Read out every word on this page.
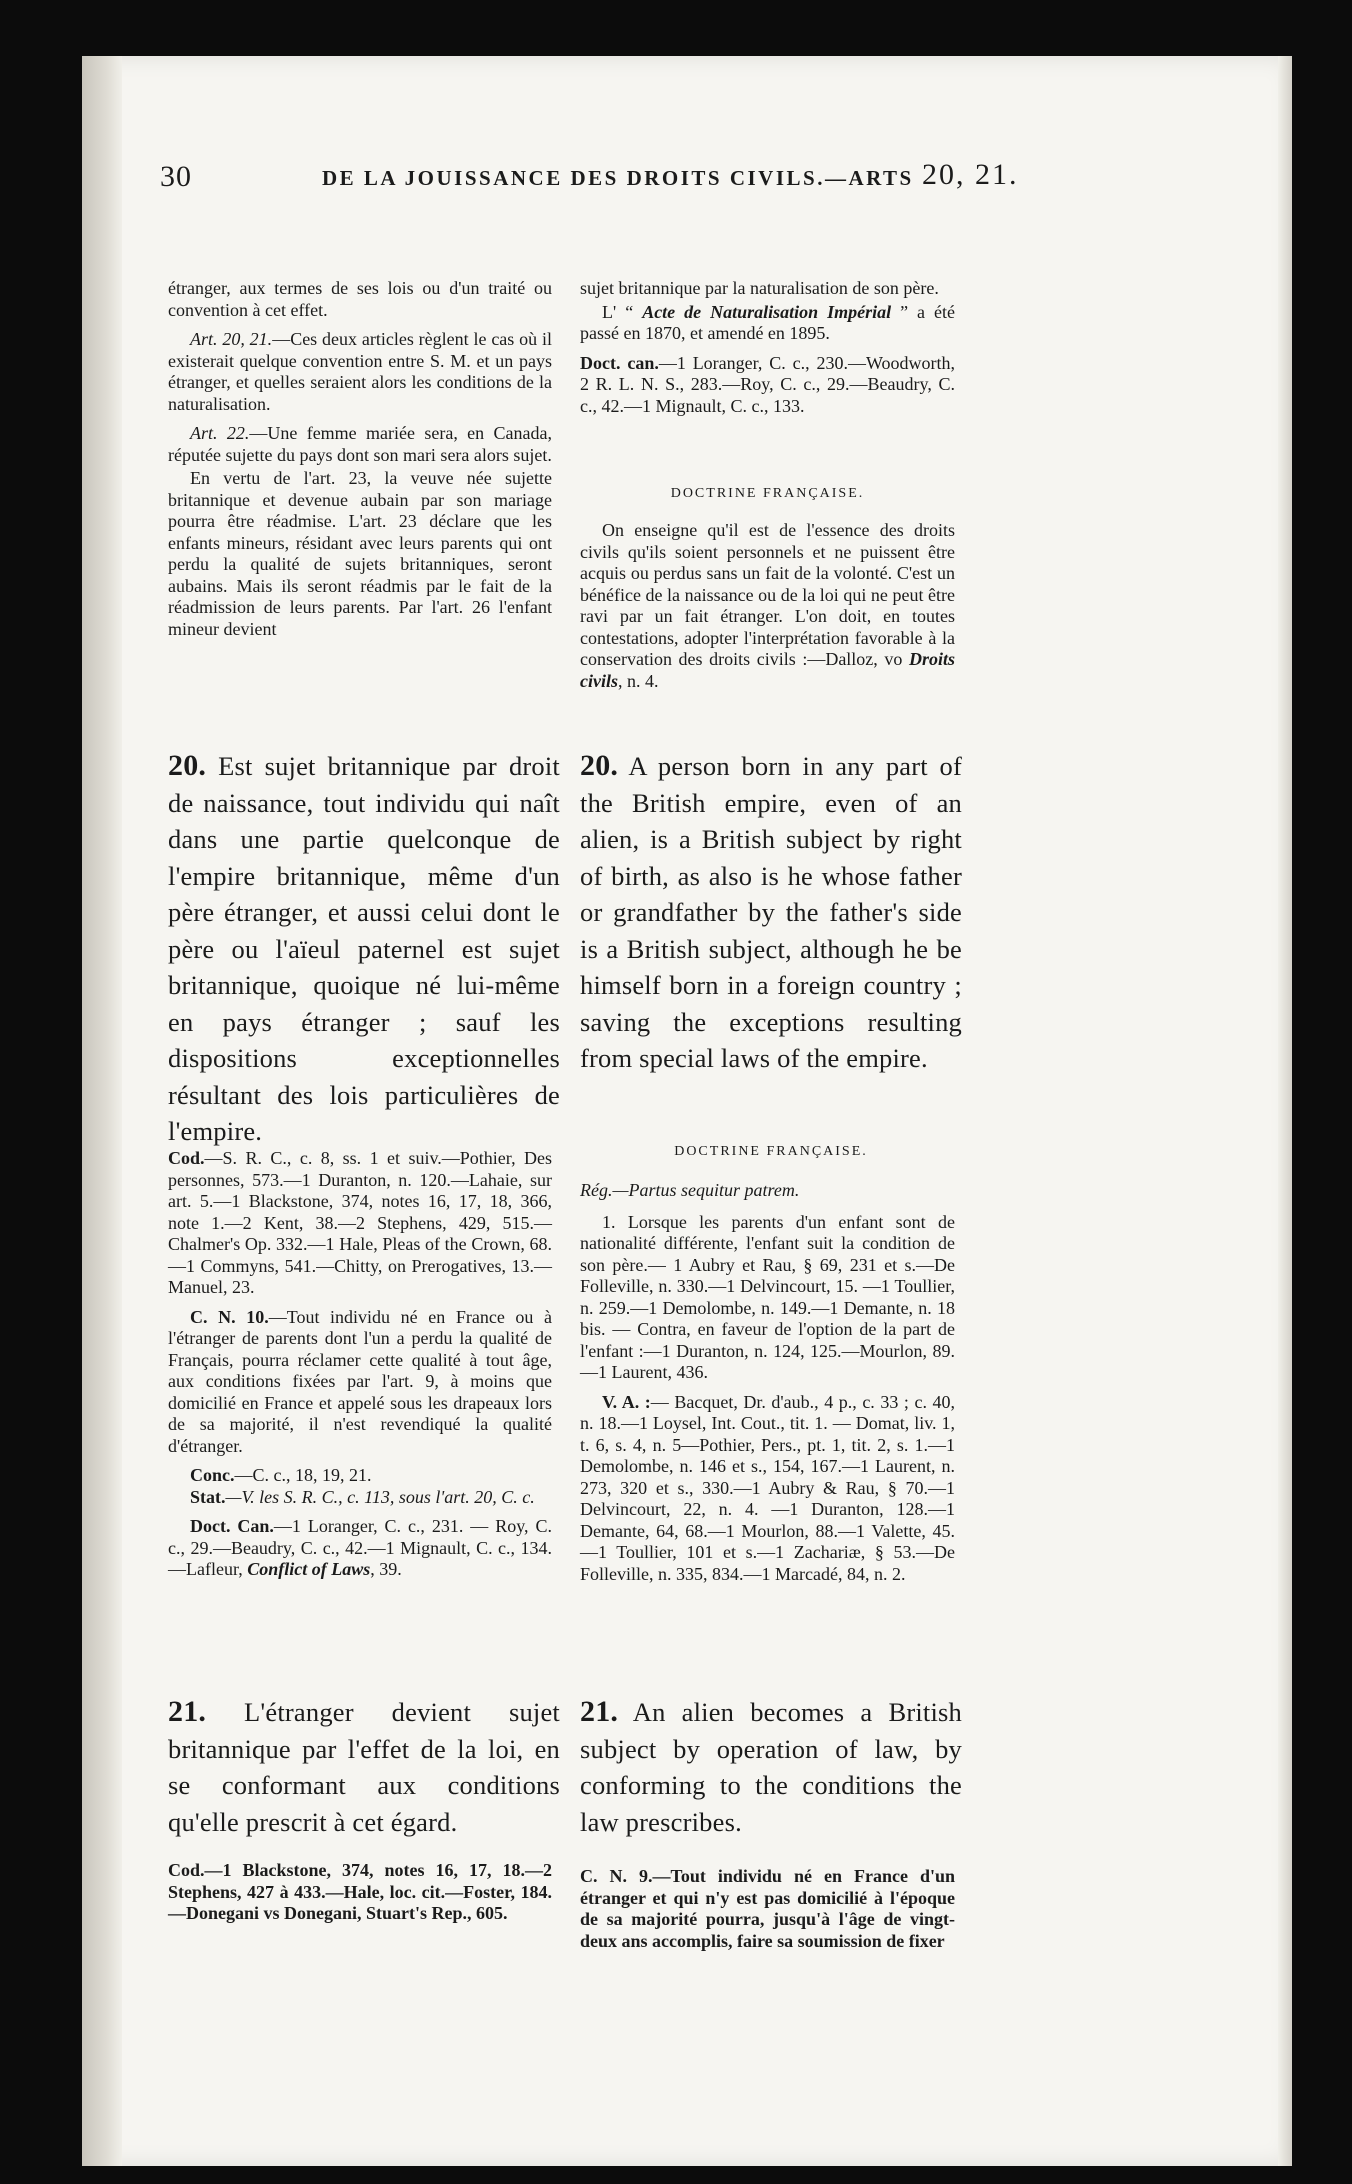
30	DE LA JOUISSANCE DES DROITS CIVILS.—ARTS 20, 21.

étranger, aux termes de ses lois ou d'un traité ou convention à cet effet.

Art. 20, 21.—Ces deux articles règlent le cas où il existerait quelque convention entre S. M. et un pays étranger, et quelles seraient alors les conditions de la naturalisation.

Art. 22.—Une femme mariée sera, en Canada, réputée sujette du pays dont son mari sera alors sujet.

En vertu de l'art. 23, la veuve née sujette britannique et devenue aubain par son mariage pourra être réadmise. L'art. 23 déclare que les enfants mineurs, résidant avec leurs parents qui ont perdu la qualité de sujets britanniques, seront aubains. Mais ils seront réadmis par le fait de la réadmission de leurs parents. Par l'art. 26 l'enfant mineur devient

sujet britannique par la naturalisation de son père.

L' “ Acte de Naturalisation Impérial ” a été passé en 1870, et amendé en 1895.

Doct. can.—1 Loranger, C. c., 230.—Woodworth, 2 R. L. N. S., 283.—Roy, C. c., 29.—Beaudry, C. c., 42.—1 Mignault, C. c., 133.

DOCTRINE FRANÇAISE.

On enseigne qu'il est de l'essence des droits civils qu'ils soient personnels et ne puissent être acquis ou perdus sans un fait de la volonté. C'est un bénéfice de la naissance ou de la loi qui ne peut être ravi par un fait étranger. L'on doit, en toutes contestations, adopter l'interprétation favorable à la conservation des droits civils :—Dalloz, vo Droits civils, n. 4.

20. Est sujet britannique par droit de naissance, tout individu qui naît dans une partie quelconque de l'empire britannique, même d'un père étranger, et aussi celui dont le père ou l'aïeul paternel est sujet britannique, quoique né lui-même en pays étranger ; sauf les dispositions exceptionnelles résultant des lois particulières de l'empire.
20. A person born in any part of the British empire, even of an alien, is a British subject by right of birth, as also is he whose father or grandfather by the father's side is a British subject, although he be himself born in a foreign country ; saving the exceptions resulting from special laws of the empire.

Cod.—S. R. C., c. 8, ss. 1 et suiv.—Pothier, Des personnes, 573.—1 Duranton, n. 120.—Lahaie, sur art. 5.—1 Blackstone, 374, notes 16, 17, 18, 366, note 1.—2 Kent, 38.—2 Stephens, 429, 515.—Chalmer's Op. 332.—1 Hale, Pleas of the Crown, 68.—1 Commyns, 541.—Chitty, on Prerogatives, 13.—Manuel, 23.

C. N. 10.—Tout individu né en France ou à l'étranger de parents dont l'un a perdu la qualité de Français, pourra réclamer cette qualité à tout âge, aux conditions fixées par l'art. 9, à moins que domicilié en France et appelé sous les drapeaux lors de sa majorité, il n'est revendiqué la qualité d'étranger.

Conc.—C. c., 18, 19, 21.

Stat.—V. les S. R. C., c. 113, sous l'art. 20, C. c.

Doct. Can.—1 Loranger, C. c., 231. — Roy, C. c., 29.—Beaudry, C. c., 42.—1 Mignault, C. c., 134.—Lafleur, Conflict of Laws, 39.

DOCTRINE FRANÇAISE.

Rég.—Partus sequitur patrem.

1. Lorsque les parents d'un enfant sont de nationalité différente, l'enfant suit la condition de son père.— 1 Aubry et Rau, § 69, 231 et s.—De Folleville, n. 330.—1 Delvincourt, 15. —1 Toullier, n. 259.—1 Demolombe, n. 149.—1 Demante, n. 18 bis. — Contra, en faveur de l'option de la part de l'enfant :—1 Duranton, n. 124, 125.—Mourlon, 89.—1 Laurent, 436.

V. A. :— Bacquet, Dr. d'aub., 4 p., c. 33 ; c. 40, n. 18.—1 Loysel, Int. Cout., tit. 1. — Domat, liv. 1, t. 6, s. 4, n. 5—Pothier, Pers., pt. 1, tit. 2, s. 1.—1 Demolombe, n. 146 et s., 154, 167.—1 Laurent, n. 273, 320 et s., 330.—1 Aubry & Rau, § 70.—1 Delvincourt, 22, n. 4. —1 Duranton, 128.—1 Demante, 64, 68.—1 Mourlon, 88.—1 Valette, 45.—1 Toullier, 101 et s.—1 Zachariæ, § 53.—De Folleville, n. 335, 834.—1 Marcadé, 84, n. 2.

21. L'étranger devient sujet britannique par l'effet de la loi, en se conformant aux conditions qu'elle prescrit à cet égard.
21. An alien becomes a British subject by operation of law, by conforming to the conditions the law prescribes.

Cod.—1 Blackstone, 374, notes 16, 17, 18.—2 Stephens, 427 à 433.—Hale, loc. cit.—Foster, 184.—Donegani vs Donegani, Stuart's Rep., 605.

C. N. 9.—Tout individu né en France d'un étranger et qui n'y est pas domicilié à l'époque de sa majorité pourra, jusqu'à l'âge de vingt-deux ans accomplis, faire sa soumission de fixer
